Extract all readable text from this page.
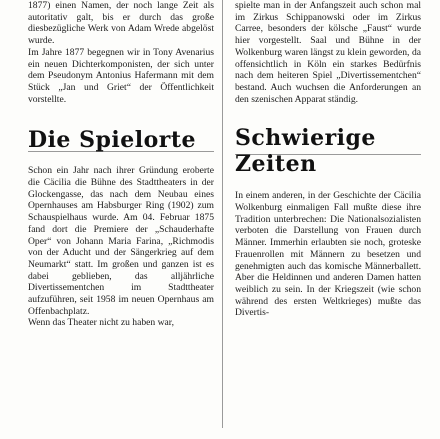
1877) einen Namen, der noch lange Zeit als autoritativ galt, bis er durch das große diesbezügliche Werk von Adam Wrede abgelöst wurde.

Im Jahre 1877 begegnen wir in Tony Avenarius ein neuen Dichterkomponisten, der sich unter dem Pseudonym Antonius Hafermann mit dem Stück „Jan und Griet“ der Öffentlichkeit vorstellte.

Die Spielorte

Schon ein Jahr nach ihrer Gründung eroberte die Cäcilia die Bühne des Stadttheaters in der Glockengasse, das nach dem Neubau eines Opernhauses am Habsburger Ring (1902) zum Schauspielhaus wurde. Am 04. Februar 1875 fand dort die Premiere der „Schauderhafte Oper“ von Johann Maria Farina, „Richmodis von der Aducht und der Sängerkrieg auf dem Neumarkt“ statt. Im großen und ganzen ist es dabei geblieben, das alljährliche Divertissementchen im Stadttheater aufzuführen, seit 1958 im neuen Opernhaus am Offenbachplatz.

Wenn das Theater nicht zu haben war,

spielte man in der Anfangszeit auch schon mal im Zirkus Schippanowski oder im Zirkus Carree, besonders der kölsche „Faust“ wurde hier vorgestellt. Saal und Bühne in der Wolkenburg waren längst zu klein geworden, da offensichtlich in Köln ein starkes Bedürfnis nach dem heiteren Spiel „Divertissementchen“ bestand. Auch wuchsen die Anforderungen an den szenischen Apparat ständig.

Schwierige
Zeiten

In einem anderen, in der Geschichte der Cäcilia Wolkenburg einmaligen Fall mußte diese ihre Tradition unterbrechen: Die Nationalsozialisten verboten die Darstellung von Frauen durch Männer. Immerhin erlaubten sie noch, groteske Frauenrollen mit Männern zu besetzen und genehmigten auch das komische Männerballett. Aber die Heldinnen und anderen Damen hatten weiblich zu sein. In der Kriegszeit (wie schon während des ersten Weltkrieges) mußte das Divertis-
